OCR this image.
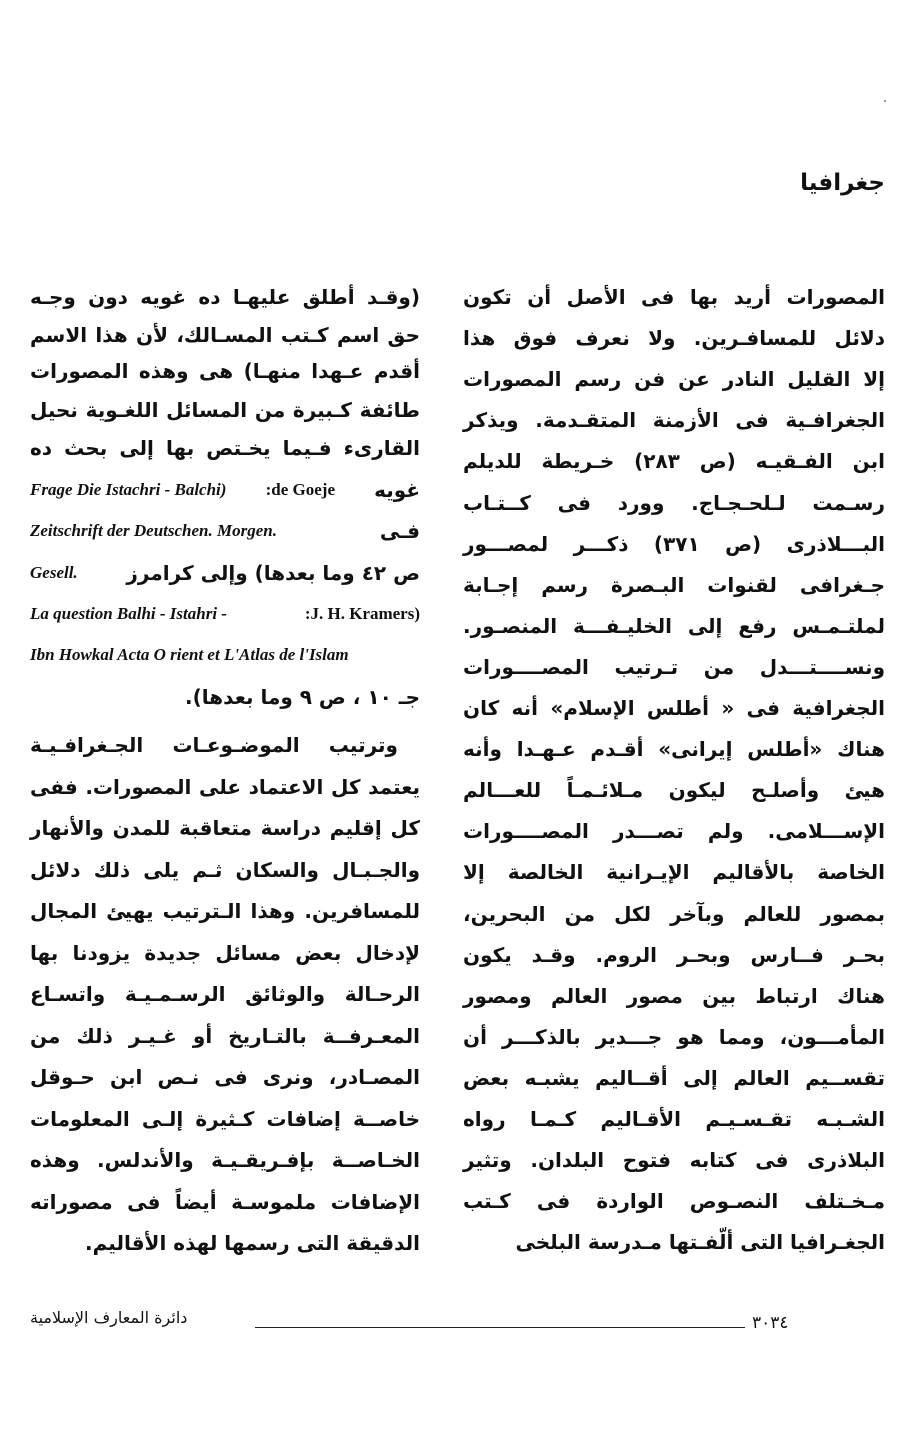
جغرافيا
المصورات أريد بها فى الأصل أن تكون
دلائل للمسافـرين. ولا نعرف فوق هذا
إلا القليل النادر عن فن رسم المصورات
الجغرافـية فى الأزمنة المتقـدمة. ويذكر
ابن الفـقيـه (ص ٢٨٣) خـريطة للديلم
رسـمت لـلحـجـاج. وورد فى كــتـاب
البـــلاذرى (ص ٣٧١) ذكـــر لمصـــور
جـغرافى لقنوات البـصرة رسم إجـابة
لملتـمـس رفع إلى الخليـفـــة المنصـور.
ونســــتـــدل من تـرتيب المصــــورات
الجغرافية فى « أطلس الإسلام» أنه كان
هناك «أطلس إيرانى» أقـدم عـهـدا وأنه
هيئ وأصلـح ليكون مـلائـمـاً للعـــالم
الإســـلامى. ولم تصـــدر المصــــورات
الخاصة بالأقاليم الإيـرانية الخالصة إلا
بمصور للعالم وبآخر لكل من البحرين،
بحـر فــارس وبحـر الروم. وقـد يكون
هناك ارتباط بين مصور العالم ومصور
المأمـــون، ومما هو جـــدير بالذكـــر أن
تقســيم العالم إلى أقــاليم يشبـه بعض
الشـبـه تقـسـيـم الأقـاليم كـمـا رواه
البلاذرى فى كتابه فتوح البلدان. وتثير
مـخـتلف النصـوص الواردة فى كـتب
الجغـرافيا التى ألّفـتها مـدرسة البلخى
(وقـد أطلق عليهـا ده غويه دون وجـه
حق اسم كـتب المسـالك، لأن هذا الاسم
أقدم عـهدا منهـا) هى وهذه المصورات
طائفة كـبيرة من المسائل اللغـوية نحيل
القارىء فـيما يخـتص بها إلى بحث ده
Frage Die Istachri - Balchi) :de Goeje غويه
Zeitschrift der Deutschen. Morgen.	فـى
Gesell. ص ٤٢ وما بعدها) وإلى كرامرز
La question Balhi - Istahri -	:J. H. Kramers)
Ibn Howkal Acta O rient et L'Atlas de l'Islam
جـ ١٠ ، ص ٩ وما بعدها).
وترتيب الموضـوعـات الجـغرافـيـة
يعتمد كل الاعتماد على المصورات. ففى
كل إقليم دراسة متعاقبة للمدن والأنهار
والجـبـال والسكان ثـم يلى ذلك دلائل
للمسافرين. وهذا الـترتيب يهيئ المجال
لإدخال بعض مسائل جديدة يزودنا بها
الرحـالة والوثائق الرسـمـيـة واتسـاع
المعـرفــة بالتـاريخ أو غـيـر ذلك من
المصـادر، ونرى فى نـص ابن حـوقل
خاصــة إضافات كـثيرة إلـى المعلومات
الخـاصــة بإفـريقـيـة والأندلس. وهذه
الإضافات ملموسـة أيضاً فى مصوراته
الدقيقة التى رسمها لهذه الأقاليم.
٣٠٣٤
دائرة المعارف الإسلامية
